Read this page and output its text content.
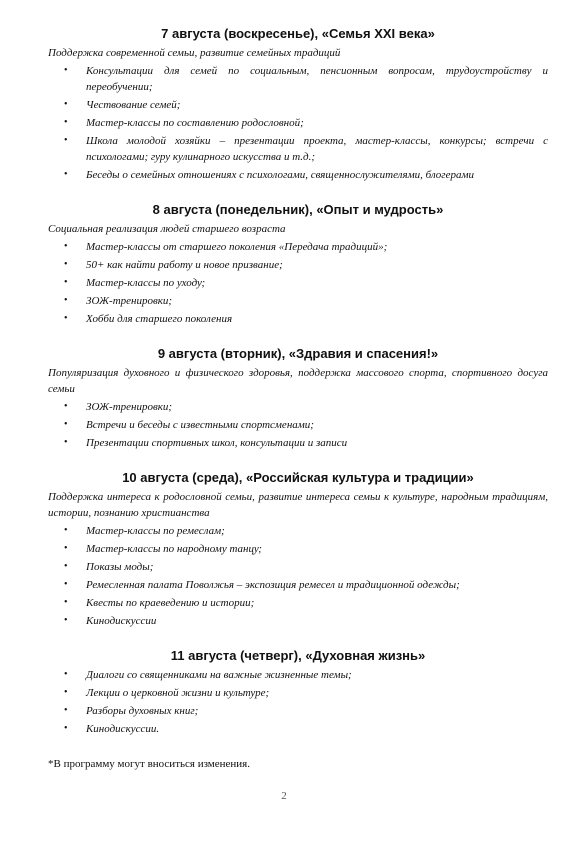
7 августа (воскресенье), «Семья XXI века»
Поддержка современной семьи, развитие семейных традиций
• Консультации для семей по социальным, пенсионным вопросам, трудоустройству и переобучении;
• Чествование семей;
• Мастер-классы по составлению родословной;
• Школа молодой хозяйки – презентации проекта, мастер-классы, конкурсы; встречи с психологами; гуру кулинарного искусства и т.д.;
• Беседы о семейных отношениях с психологами, священнослужителями, блогерами
8 августа (понедельник), «Опыт и мудрость»
Социальная реализация людей старшего возраста
• Мастер-классы от старшего поколения «Передача традиций»;
• 50+ как найти работу и новое призвание;
• Мастер-классы по уходу;
• ЗОЖ-тренировки;
• Хобби для старшего поколения
9 августа (вторник), «Здравия и спасения!»
Популяризация духовного и физического здоровья, поддержка массового спорта, спортивного досуга семьи
• ЗОЖ-тренировки;
• Встречи и беседы с известными спортсменами;
• Презентации спортивных школ, консультации и записи
10 августа (среда), «Российская культура и традиции»
Поддержка интереса к родословной семьи, развитие интереса семьи к культуре, народным традициям, истории, познанию христианства
• Мастер-классы по ремеслам;
• Мастер-классы по народному танцу;
• Показы моды;
• Ремесленная палата Поволжья – экспозиция ремесел и традиционной одежды;
• Квесты по краеведению и истории;
• Кинодискуссии
11 августа (четверг), «Духовная жизнь»
• Диалоги со священниками на важные жизненные темы;
• Лекции о церковной жизни и культуре;
• Разборы духовных книг;
• Кинодискуссии.
*В программу могут вноситься изменения.
2
